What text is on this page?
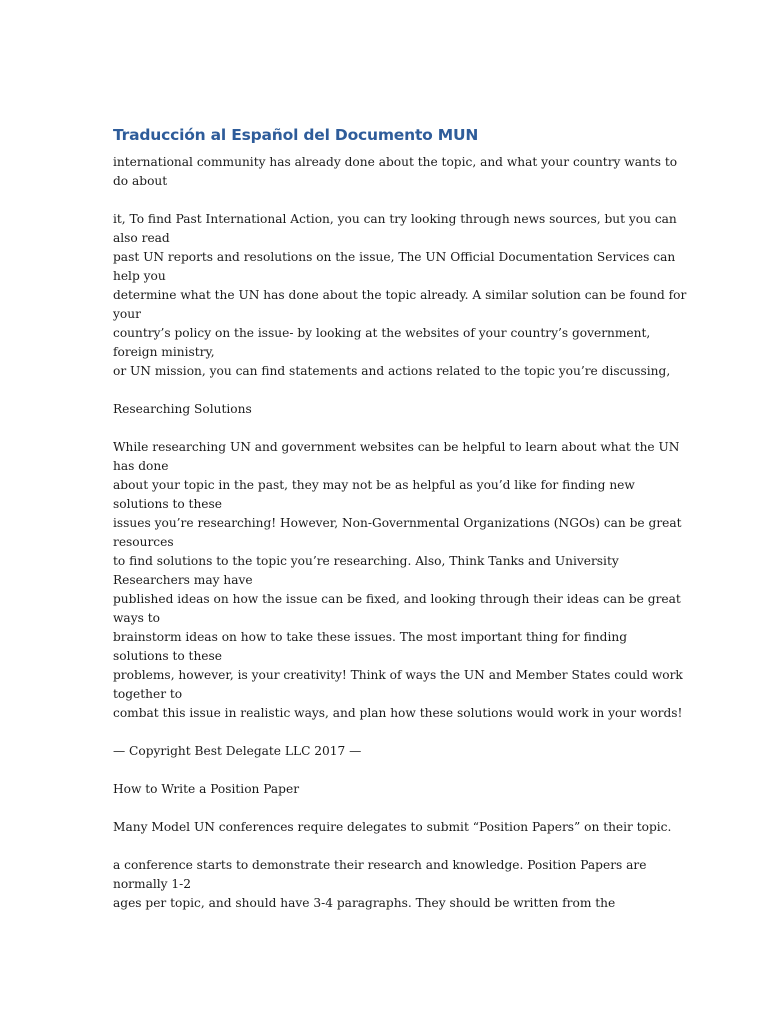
Traducción al Español del Documento MUN
international community has already done about the topic, and what your country wants to
do about
it, To find Past International Action, you can try looking through news sources, but you can
also read
past UN reports and resolutions on the issue, The UN Official Documentation Services can
help you
determine what the UN has done about the topic already. A similar solution can be found for
your
country’s policy on the issue- by looking at the websites of your country’s government,
foreign ministry,
or UN mission, you can find statements and actions related to the topic you’re discussing,
Researching Solutions
While researching UN and government websites can be helpful to learn about what the UN
has done
about your topic in the past, they may not be as helpful as you’d like for finding new
solutions to these
issues you’re researching! However, Non-Governmental Organizations (NGOs) can be great
resources
to find solutions to the topic you’re researching. Also, Think Tanks and University
Researchers may have
published ideas on how the issue can be fixed, and looking through their ideas can be great
ways to
brainstorm ideas on how to take these issues. The most important thing for finding
solutions to these
problems, however, is your creativity! Think of ways the UN and Member States could work
together to
combat this issue in realistic ways, and plan how these solutions would work in your words!
— Copyright Best Delegate LLC 2017 —
How to Write a Position Paper
Many Model UN conferences require delegates to submit “Position Papers” on their topic.
a conference starts to demonstrate their research and knowledge. Position Papers are
normally 1-2
ages per topic, and should have 3-4 paragraphs. They should be written from the
